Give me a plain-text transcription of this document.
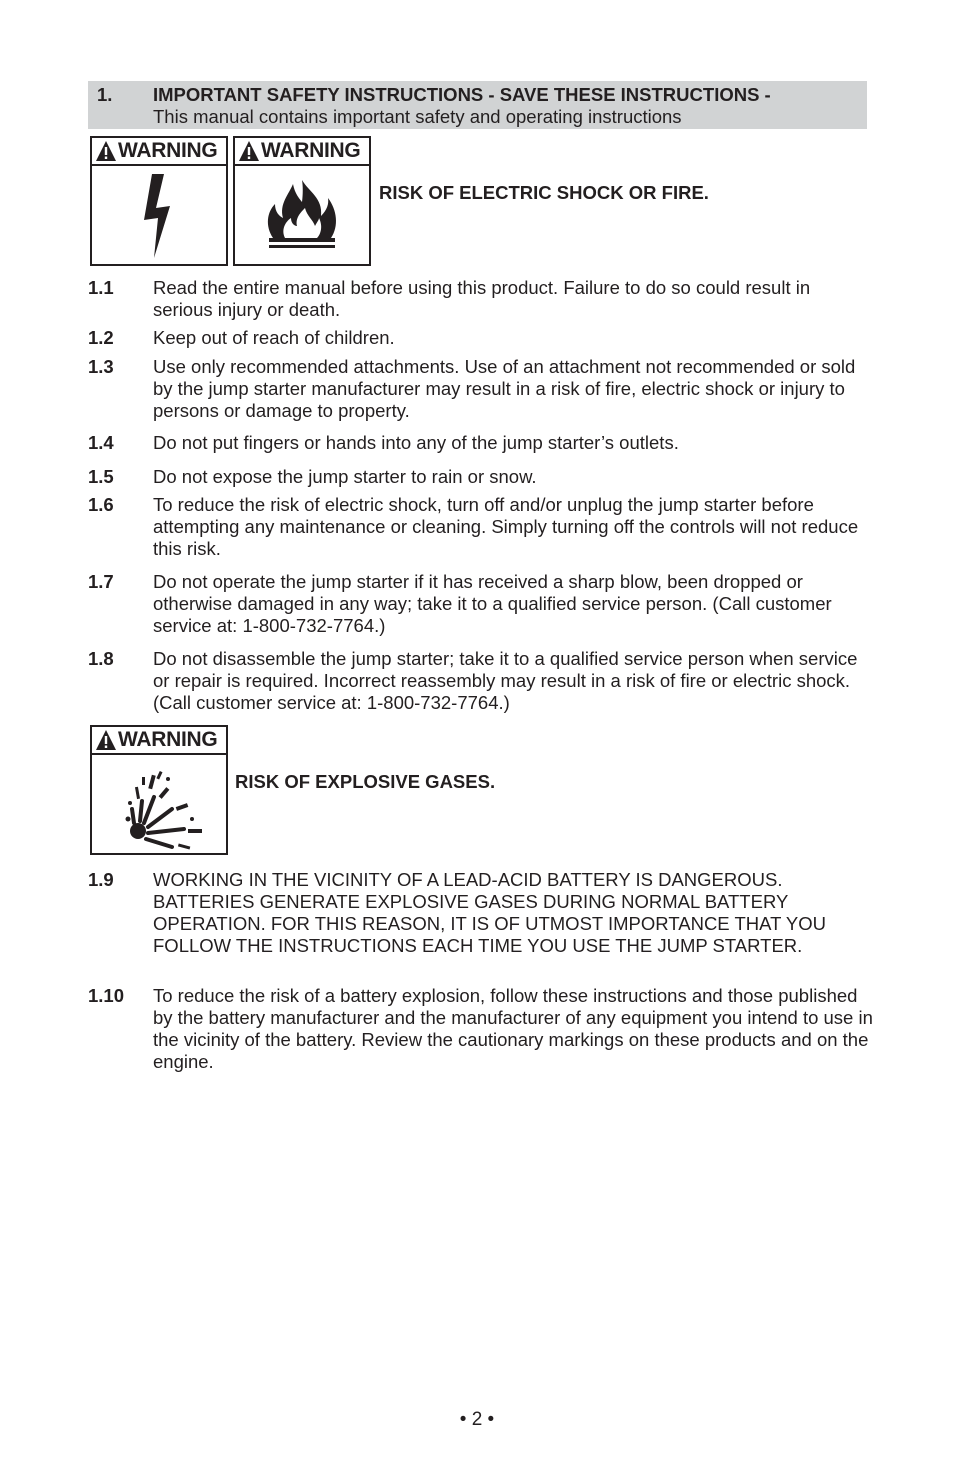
1. IMPORTANT SAFETY INSTRUCTIONS - SAVE THESE INSTRUCTIONS -
This manual contains important safety and operating instructions
WARNING WARNING
RISK OF ELECTRIC SHOCK OR FIRE.
1.1 Read the entire manual before using this product. Failure to do so could result in serious injury or death.
1.2 Keep out of reach of children.
1.3 Use only recommended attachments. Use of an attachment not recommended or sold by the jump starter manufacturer may result in a risk of fire, electric shock or injury to persons or damage to property.
1.4 Do not put fingers or hands into any of the jump starter’s outlets.
1.5 Do not expose the jump starter to rain or snow.
1.6 To reduce the risk of electric shock, turn off and/or unplug the jump starter before attempting any maintenance or cleaning. Simply turning off the controls will not reduce this risk.
1.7 Do not operate the jump starter if it has received a sharp blow, been dropped or otherwise damaged in any way; take it to a qualified service person. (Call customer service at: 1-800-732-7764.)
1.8 Do not disassemble the jump starter; take it to a qualified service person when service or repair is required. Incorrect reassembly may result in a risk of fire or electric shock. (Call customer service at: 1-800-732-7764.)
WARNING
RISK OF EXPLOSIVE GASES.
1.9 WORKING IN THE VICINITY OF A LEAD-ACID BATTERY IS DANGEROUS. BATTERIES GENERATE EXPLOSIVE GASES DURING NORMAL BATTERY OPERATION. FOR THIS REASON, IT IS OF UTMOST IMPORTANCE THAT YOU FOLLOW THE INSTRUCTIONS EACH TIME YOU USE THE JUMP STARTER.
1.10 To reduce the risk of a battery explosion, follow these instructions and those published by the battery manufacturer and the manufacturer of any equipment you intend to use in the vicinity of the battery. Review the cautionary markings on these products and on the engine.
• 2 •
